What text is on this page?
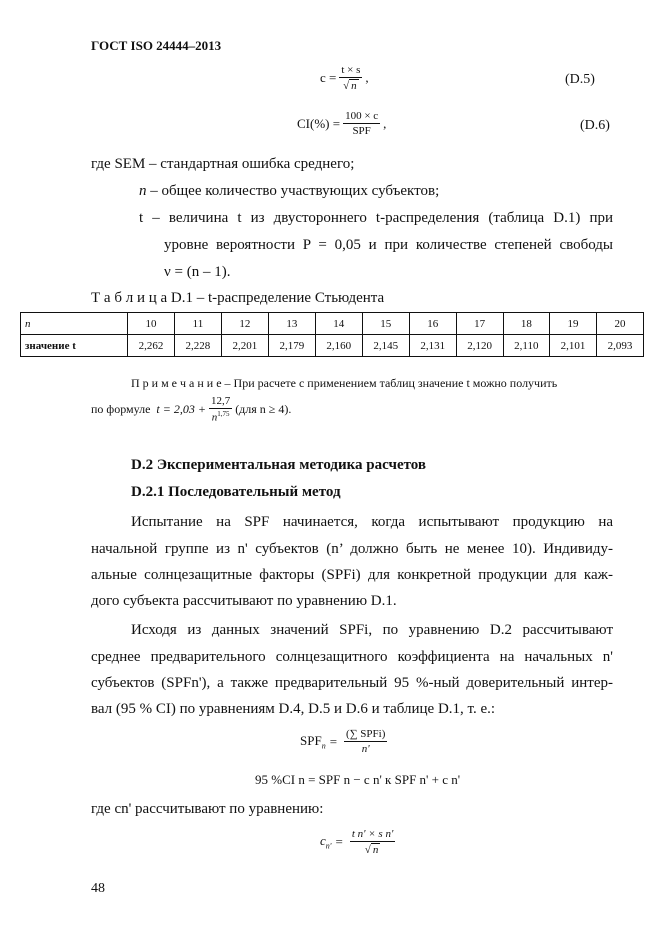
ГОСТ ISO 24444–2013
$c = \frac{t \times s}{√ n}$ ,	(D.5)
$CI(\%) = \frac{100 \times c}{\text{SPF}}$ ,	(D.6)
где SEM – стандартная ошибка среднего;
n – общее количество участвующих субъектов;
t – величина t из двустороннего t-распределения (таблица D.1) при
уровне вероятности P = 0,05 и при количестве степеней свободы
ν = (n – 1).
Т а б л и ц а D.1 – t-распределение Стьюдента
n	10	11	12	13	14	15	16	17	18	19	20
значение t	2,262	2,228	2,201	2,179	2,160	2,145	2,131	2,120	2,110	2,101	2,093
П р и м е ч а н и е – При расчете с применением таблиц значение t можно получить
по формуле $t = 2,03 + \frac{12,7}{n^{1,75}} (для$ n ≥ 4).
D.2 Экспериментальная методика расчетов
D.2.1 Последовательный метод
Испытание на SPF начинается, когда испытывают продукцию на
начальной группе из n' субъектов (n’ должно быть не менее 10). Индивиду-
альные солнцезащитные факторы (SPFi) для конкретной продукции для каж-
дого субъекта рассчитывают по уравнению D.1.
Исходя из данных значений SPFi, по уравнению D.2 рассчитывают
среднее предварительного солнцезащитного коэффициента на начальных n'
субъектов (SPFn'), а также предварительный 95 %-ный доверительный интер-
вал (95 % CI) по уравнениям D.4, D.5 и D.6 и таблице D.1, т. е.:
$SPF_n = \frac{\text{(∑ SPFi)}}{n'}$
95 %CI n = SPF n − c n' к SPF n' + c n'
где cn' рассчитывают по уравнению:
$c_{n'} = \frac{\text{t n' × s n'}}{√ n}$
48
